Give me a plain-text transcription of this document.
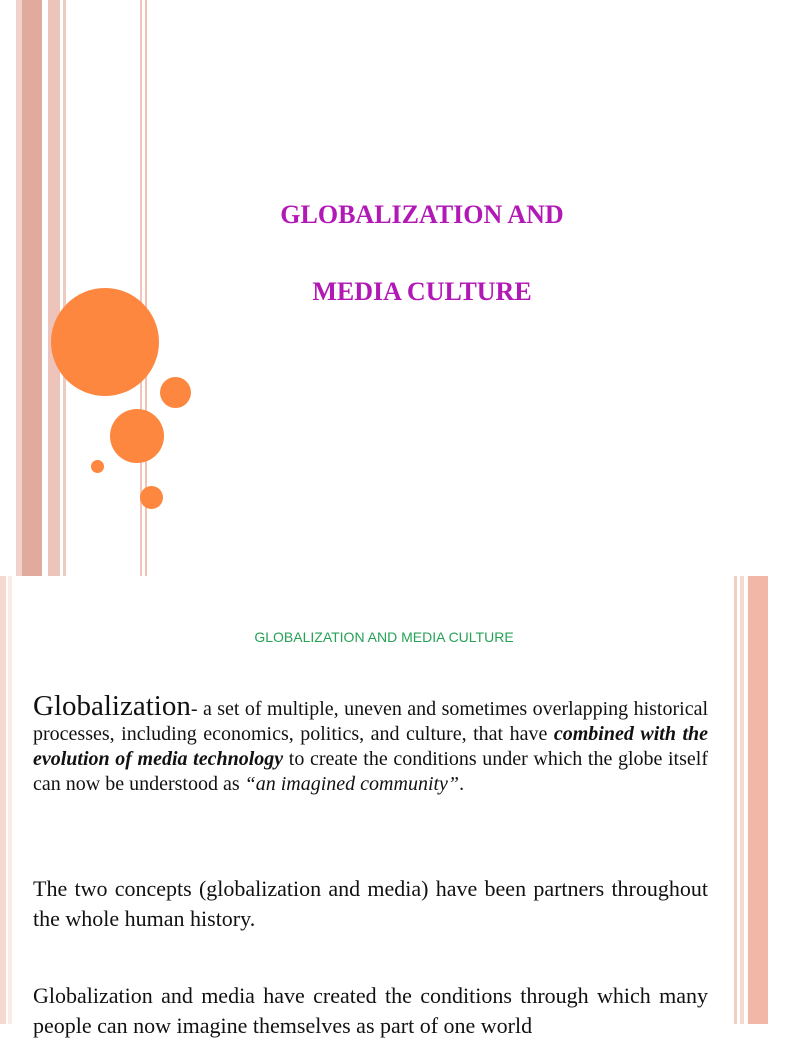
GLOBALIZATION AND
MEDIA CULTURE
GLOBALIZATION AND MEDIA CULTURE

Globalization- a set of multiple, uneven and sometimes overlapping historical processes, including economics, politics, and culture, that have combined with the evolution of media technology to create the conditions under which the globe itself can now be understood as “an imagined community”.

The two concepts (globalization and media) have been partners throughout the whole human history.

Globalization and media have created the conditions through which many people can now imagine themselves as part of one world
